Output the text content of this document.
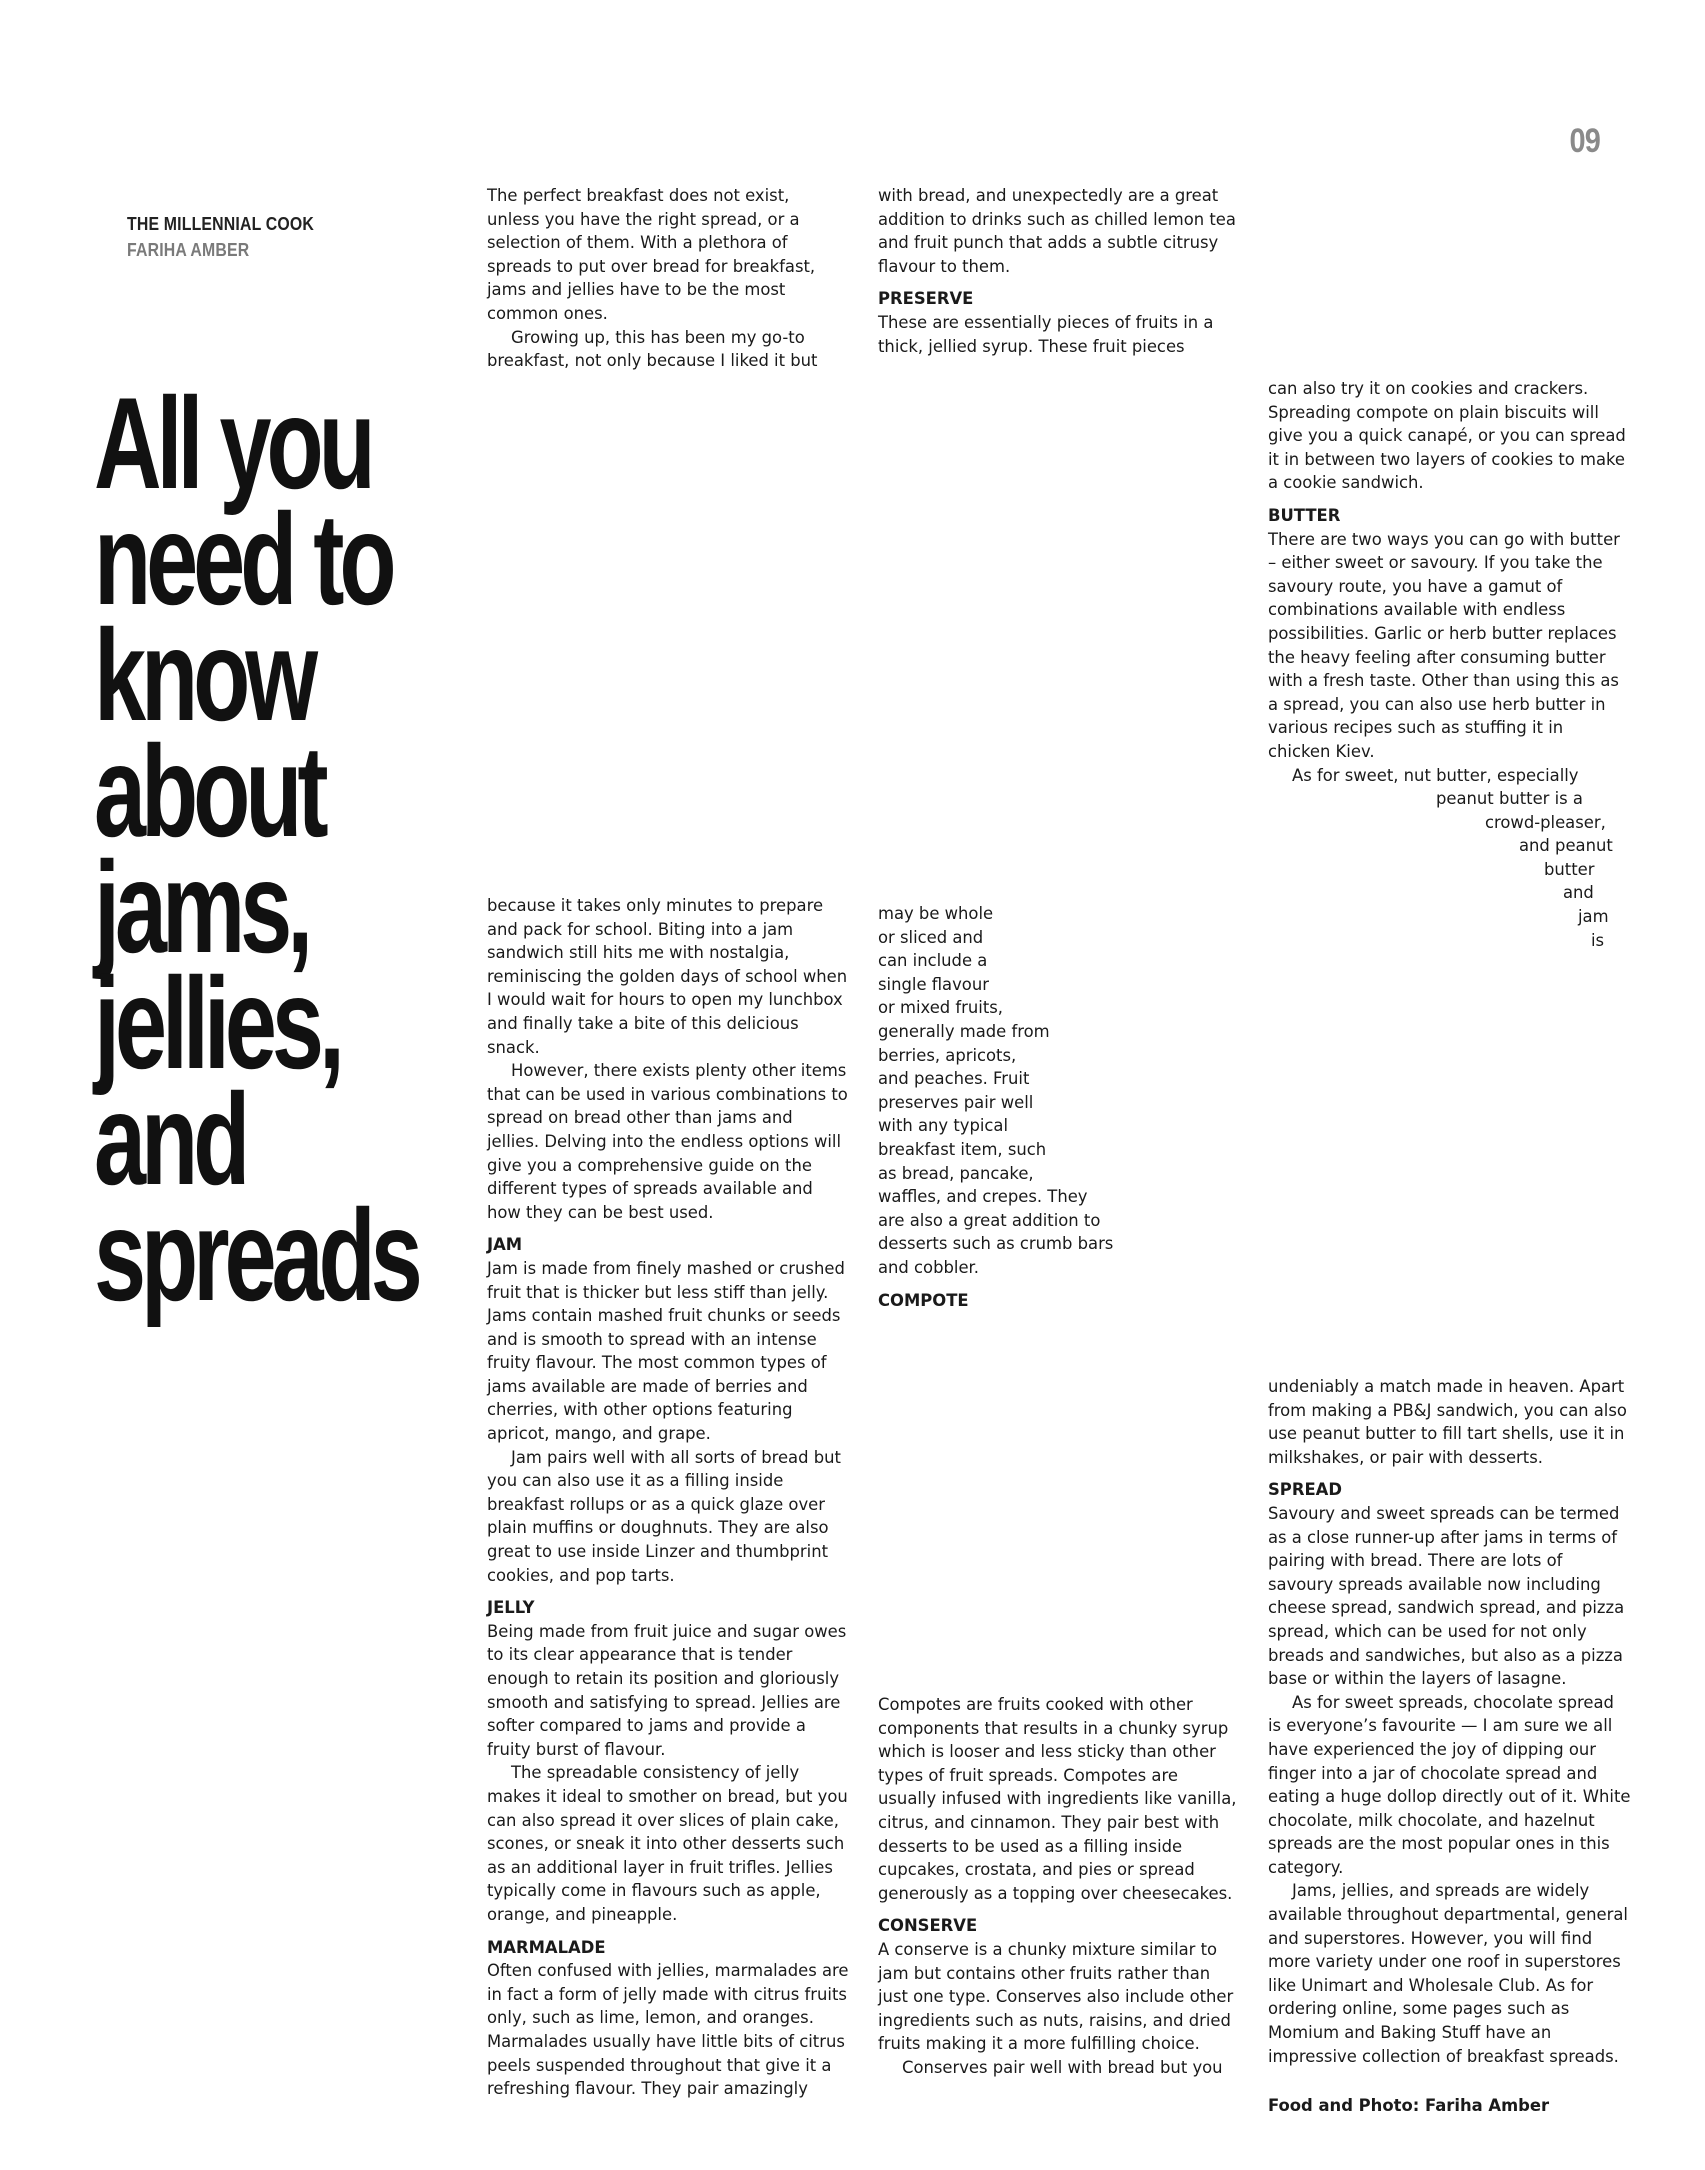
09
THE MILLENNIAL COOK
FARIHA AMBER
All you
need to
know
about
jams,
jellies,
and
spreads

The perfect breakfast does not exist, unless you have the right spread, or a selection of them. With a plethora of spreads to put over bread for breakfast, jams and jellies have to be the most common ones.

Growing up, this has been my go-to breakfast, not only because I liked it but

because it takes only minutes to prepare and pack for school. Biting into a jam sandwich still hits me with nostalgia, reminiscing the golden days of school when I would wait for hours to open my lunchbox and finally take a bite of this delicious snack.

However, there exists plenty other items that can be used in various combinations to spread on bread other than jams and jellies. Delving into the endless options will give you a comprehensive guide on the different types of spreads available and how they can be best used.

JAM

Jam is made from finely mashed or crushed fruit that is thicker but less stiff than jelly. Jams contain mashed fruit chunks or seeds and is smooth to spread with an intense fruity flavour. The most common types of jams available are made of berries and cherries, with other options featuring apricot, mango, and grape.

Jam pairs well with all sorts of bread but you can also use it as a filling inside breakfast rollups or as a quick glaze over plain muffins or doughnuts. They are also great to use inside Linzer and thumbprint cookies, and pop tarts.

JELLY

Being made from fruit juice and sugar owes to its clear appearance that is tender enough to retain its position and gloriously smooth and satisfying to spread. Jellies are softer compared to jams and provide a fruity burst of flavour.

The spreadable consistency of jelly makes it ideal to smother on bread, but you can also spread it over slices of plain cake, scones, or sneak it into other desserts such as an additional layer in fruit trifles. Jellies typically come in flavours such as apple, orange, and pineapple.

MARMALADE

Often confused with jellies, marmalades are in fact a form of jelly made with citrus fruits only, such as lime, lemon, and oranges. Marmalades usually have little bits of citrus peels suspended throughout that give it a refreshing flavour. They pair amazingly

with bread, and unexpectedly are a great addition to drinks such as chilled lemon tea and fruit punch that adds a subtle citrusy flavour to them.

PRESERVE

These are essentially pieces of fruits in a thick, jellied syrup. These fruit pieces

may be whole
or sliced and
can include a
single flavour
or mixed fruits,
generally made from
berries, apricots,
and peaches. Fruit
preserves pair well
with any typical
breakfast item, such
as bread, pancake,
waffles, and crepes. They
are also a great addition to
desserts such as crumb bars
and cobbler.
COMPOTE

Compotes are fruits cooked with other components that results in a chunky syrup which is looser and less sticky than other types of fruit spreads. Compotes are usually infused with ingredients like vanilla, citrus, and cinnamon. They pair best with desserts to be used as a filling inside cupcakes, crostata, and pies or spread generously as a topping over cheesecakes.

CONSERVE

A conserve is a chunky mixture similar to jam but contains other fruits rather than just one type. Conserves also include other ingredients such as nuts, raisins, and dried fruits making it a more fulfilling choice.

Conserves pair well with bread but you

can also try it on cookies and crackers. Spreading compote on plain biscuits will give you a quick canapé, or you can spread it in between two layers of cookies to make a cookie sandwich.

BUTTER

There are two ways you can go with butter – either sweet or savoury. If you take the savoury route, you have a gamut of combinations available with endless possibilities. Garlic or herb butter replaces the heavy feeling after consuming butter with a fresh taste. Other than using this as a spread, you can also use herb butter in various recipes such as stuffing it in chicken Kiev.

As for sweet, nut butter, especially
peanut butter is a
crowd-pleaser,
and peanut
butter
and
jam
is

undeniably a match made in heaven. Apart from making a PB&J sandwich, you can also use peanut butter to fill tart shells, use it in milkshakes, or pair with desserts.

SPREAD

Savoury and sweet spreads can be termed as a close runner-up after jams in terms of pairing with bread. There are lots of savoury spreads available now including cheese spread, sandwich spread, and pizza spread, which can be used for not only breads and sandwiches, but also as a pizza base or within the layers of lasagne.

As for sweet spreads, chocolate spread is everyone’s favourite — I am sure we all have experienced the joy of dipping our finger into a jar of chocolate spread and eating a huge dollop directly out of it. White chocolate, milk chocolate, and hazelnut spreads are the most popular ones in this category.

Jams, jellies, and spreads are widely available throughout departmental, general and superstores. However, you will find more variety under one roof in superstores like Unimart and Wholesale Club. As for ordering online, some pages such as Momium and Baking Stuff have an impressive collection of breakfast spreads.

Food and Photo: Fariha Amber
